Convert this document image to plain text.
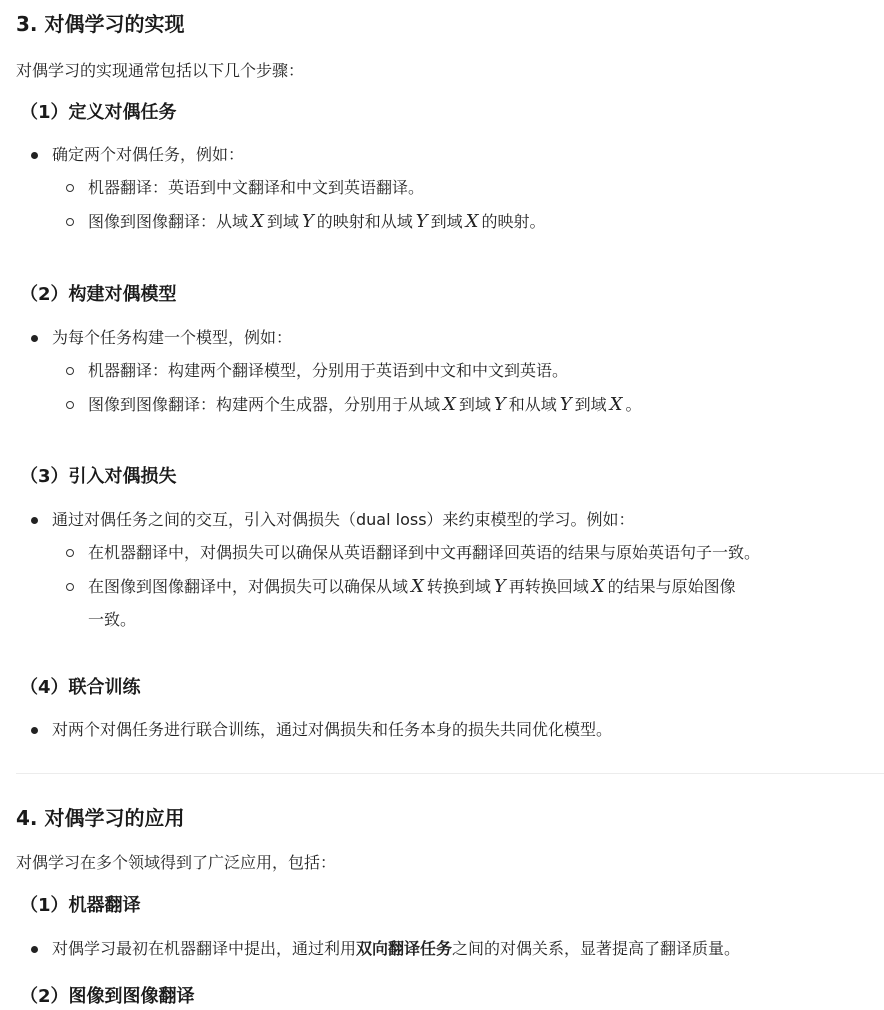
3. 对偶学习的实现
对偶学习的实现通常包括以下几个步骤：
（1）定义对偶任务
确定两个对偶任务，例如：
机器翻译：英语到中文翻译和中文到英语翻译。
图像到图像翻译：从域 X 到域 Y 的映射和从域 Y 到域 X 的映射。
（2）构建对偶模型
为每个任务构建一个模型，例如：
机器翻译：构建两个翻译模型，分别用于英语到中文和中文到英语。
图像到图像翻译：构建两个生成器，分别用于从域 X 到域 Y 和从域 Y 到域 X 。
（3）引入对偶损失
通过对偶任务之间的交互，引入对偶损失（dual loss）来约束模型的学习。例如：
在机器翻译中，对偶损失可以确保从英语翻译到中文再翻译回英语的结果与原始英语句子一致。
在图像到图像翻译中，对偶损失可以确保从域 X 转换到域 Y 再转换回域 X 的结果与原始图像
一致。
（4）联合训练
对两个对偶任务进行联合训练，通过对偶损失和任务本身的损失共同优化模型。
4. 对偶学习的应用
对偶学习在多个领域得到了广泛应用，包括：
（1）机器翻译
对偶学习最初在机器翻译中提出，通过利用双向翻译任务之间的对偶关系，显著提高了翻译质量。
（2）图像到图像翻译
